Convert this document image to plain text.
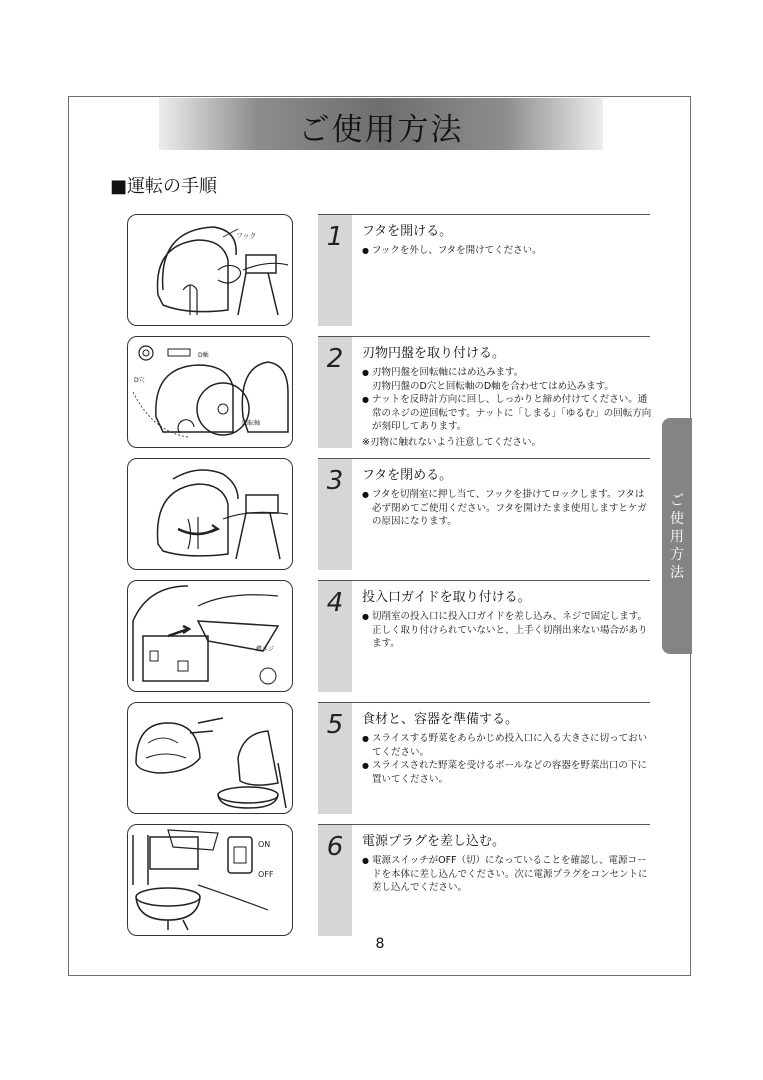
ご使用方法
■運転の手順
ご使用方法
フック	1	フタを開ける。
● フックを外し、フタを開けてください。
D軸
D穴
回転軸
2	刃物円盤を取り付ける。
● 刃物円盤を回転軸にはめ込みます。
刃物円盤のD穴と回転軸のD軸を合わせてはめ込みます。
● ナットを反時計方向に回し、しっかりと締め付けてください。通常のネジの逆回転です。ナットに「しまる」「ゆるむ」の回転方向が刻印してあります。
※刃物に触れないよう注意してください。
3	フタを閉める。
● フタを切削室に押し当て、フックを掛けてロックします。フタは必ず閉めてご使用ください。フタを開けたまま使用しますとケガの原因になります。
蝶ネジ
4	投入口ガイドを取り付ける。
● 切削室の投入口に投入口ガイドを差し込み、ネジで固定します。正しく取り付けられていないと、上手く切削出来ない場合があります。
5	食材と、容器を準備する。
● スライスする野菜をあらかじめ投入口に入る大きさに切っておいてください。
● スライスされた野菜を受けるボールなどの容器を野菜出口の下に置いてください。
ON
OFF
6	電源プラグを差し込む。
● 電源スイッチがOFF（切）になっていることを確認し、電源コードを本体に差し込んでください。次に電源プラグをコンセントに差し込んでください。
8
